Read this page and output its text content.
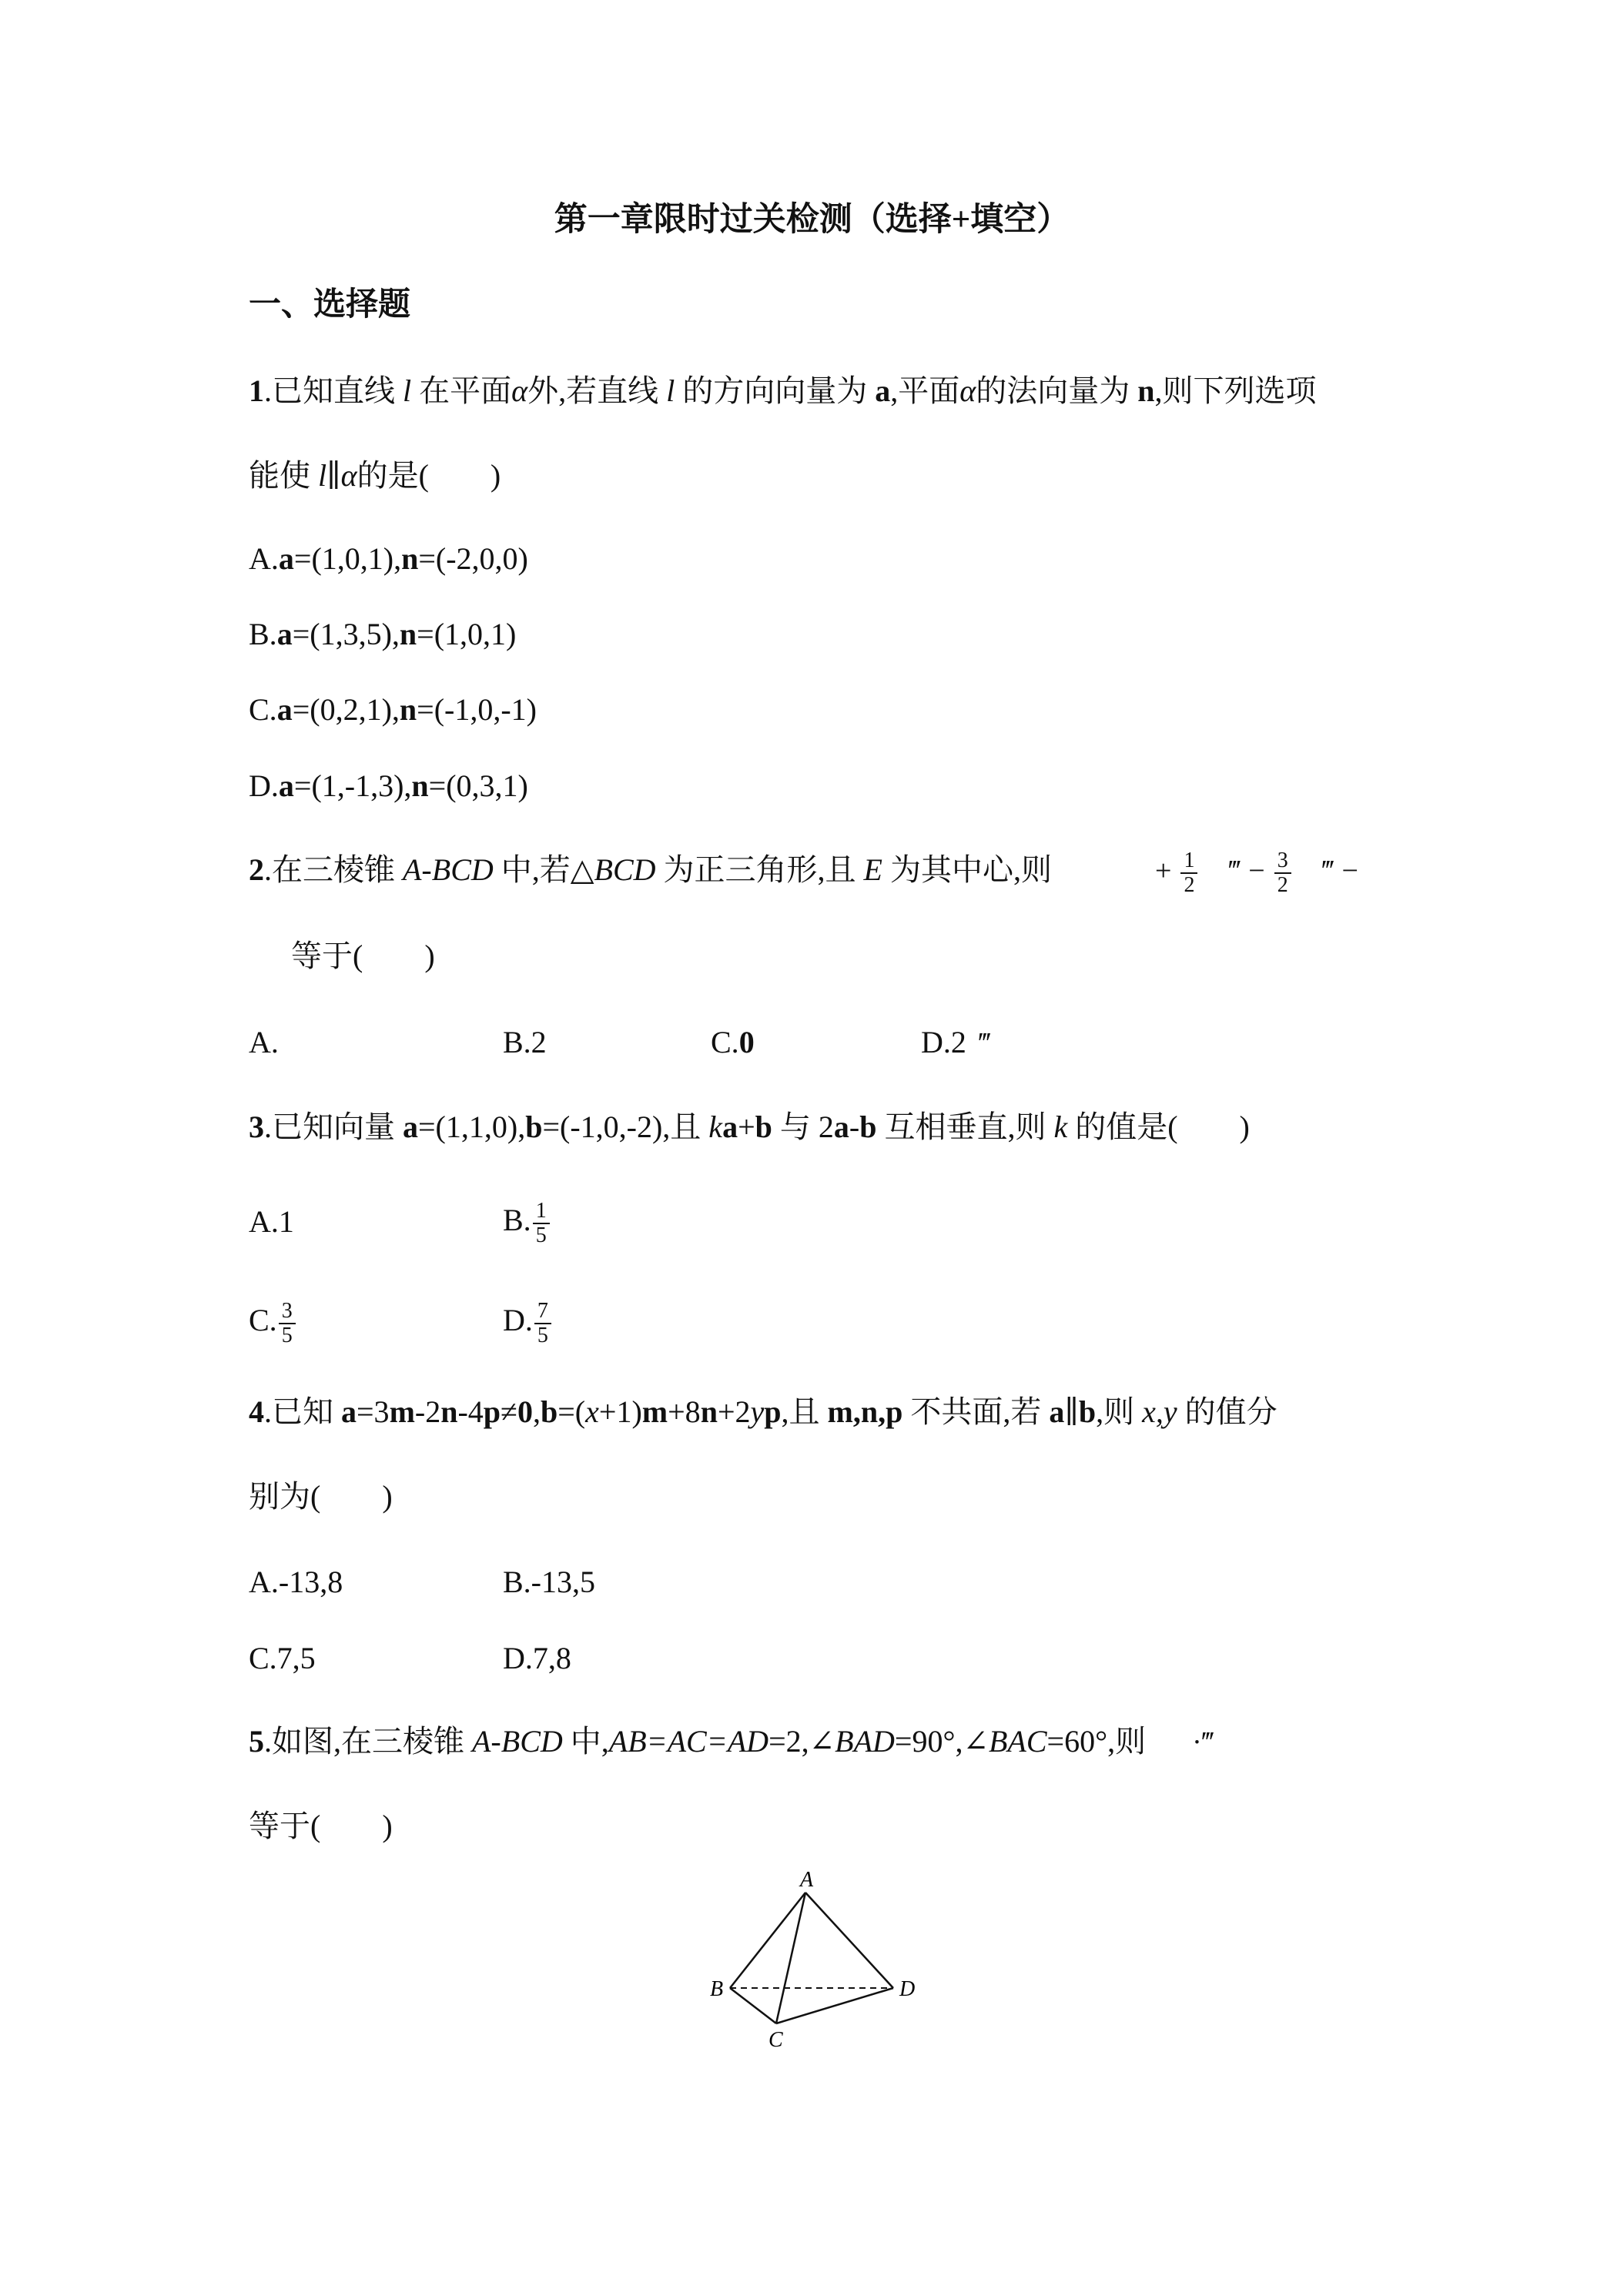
第一章限时过关检测（选择+填空）
一、选择题
1.已知直线 l 在平面α外,若直线 l 的方向向量为 a,平面α的法向量为 n,则下列选项
能使 l∥α的是(　　)
A.a=(1,0,1),n=(-2,0,0)
B.a=(1,3,5),n=(1,0,1)
C.a=(0,2,1),n=(-1,0,-1)
D.a=(1,-1,3),n=(0,3,1)
2.在三棱锥 A-BCD 中,若△BCD 为正三角形,且 E 为其中心,则	+ $\frac{1}{2}$ ‴ − $\frac{3}{2}$ ‴ −
等于(　　)
A.	B.2	C.0	D.2 ‴
3.已知向量 a=(1,1,0),b=(-1,0,-2),且 ka+b 与 2a-b 互相垂直,则 k 的值是(　　)
A.1	B. $\frac{1}{5}$
C. $\frac{3}{5}$	D. $\frac{7}{5}$
4.已知 a=3m-2n-4p≠0,b=(x+1)m+8n+2yp,且 m,n,p 不共面,若 a∥b,则 x,y 的值分
别为(　　)
A.-13,8	B.-13,5
C.7,5	D.7,8
5.如图,在三棱锥 A-BCD 中,AB=AC=AD=2,∠BAD=90°,∠BAC=60°,则 ·‴
等于(　　)
A
B
C
D
